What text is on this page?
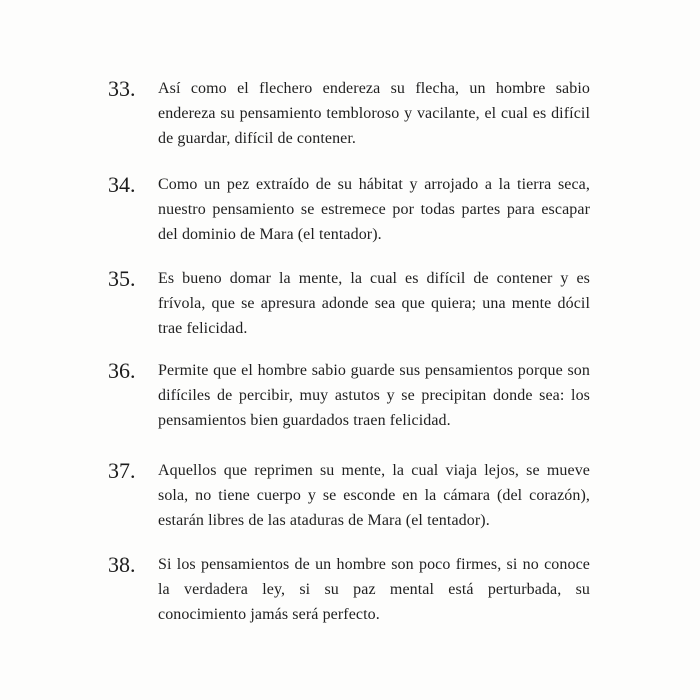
33. Así como el flechero endereza su flecha, un hombre sabio endereza su pensamiento tembloroso y vacilante, el cual es difícil de guardar, difícil de contener.
34. Como un pez extraído de su hábitat y arrojado a la tierra seca, nuestro pensamiento se estremece por todas partes para escapar del dominio de Mara (el tentador).
35. Es bueno domar la mente, la cual es difícil de contener y es frívola, que se apresura adonde sea que quiera; una mente dócil trae felicidad.
36. Permite que el hombre sabio guarde sus pensamientos porque son difíciles de percibir, muy astutos y se precipitan donde sea: los pensamientos bien guardados traen felicidad.
37. Aquellos que reprimen su mente, la cual viaja lejos, se mueve sola, no tiene cuerpo y se esconde en la cámara (del corazón), estarán libres de las ataduras de Mara (el tentador).
38. Si los pensamientos de un hombre son poco firmes, si no conoce la verdadera ley, si su paz mental está perturbada, su conocimiento jamás será perfecto.
